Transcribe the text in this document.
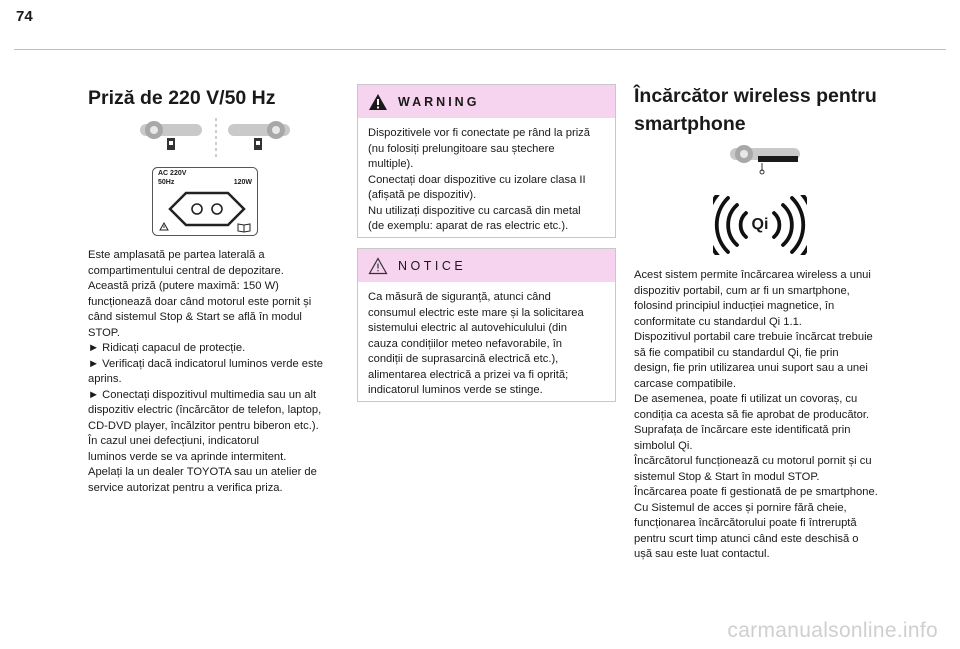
74
Priză de 220 V/50 Hz
AC 220V
50Hz	120W

Este amplasată pe partea laterală a

compartimentului central de depozitare.

Această priză (putere maximă: 150 W)

funcționează doar când motorul este pornit și

când sistemul Stop & Start se află în modul

STOP.

► Ridicați capacul de protecție.

► Verificați dacă indicatorul luminos verde este

aprins.

► Conectați dispozitivul multimedia sau un alt

dispozitiv electric (încărcător de telefon, laptop,

CD-DVD player, încălzitor pentru biberon etc.).

În cazul unei defecțiuni, indicatorul

luminos verde se va aprinde intermitent.

Apelați la un dealer TOYOTA sau un atelier de

service autorizat pentru a verifica priza.

WARNING

Dispozitivele vor fi conectate pe rând la priză

(nu folosiți prelungitoare sau ștechere

multiple).

Conectați doar dispozitive cu izolare clasa II

(afișată pe dispozitiv).

Nu utilizați dispozitive cu carcasă din metal

(de exemplu: aparat de ras electric etc.).

NOTICE

Ca măsură de siguranță, atunci când

consumul electric este mare și la solicitarea

sistemului electric al autovehiculului (din

cauza condițiilor meteo nefavorabile, în

condiții de suprasarcină electrică etc.),

alimentarea electrică a prizei va fi oprită;

indicatorul luminos verde se stinge.

Încărcător wireless pentru
smartphone
Qi

Acest sistem permite încărcarea wireless a unui

dispozitiv portabil, cum ar fi un smartphone,

folosind principiul inducției magnetice, în

conformitate cu standardul Qi 1.1.

Dispozitivul portabil care trebuie încărcat trebuie

să fie compatibil cu standardul Qi, fie prin

design, fie prin utilizarea unui suport sau a unei

carcase compatibile.

De asemenea, poate fi utilizat un covoraș, cu

condiția ca acesta să fie aprobat de producător.

Suprafața de încărcare este identificată prin

simbolul Qi.

Încărcătorul funcționează cu motorul pornit și cu

sistemul Stop & Start în modul STOP.

Încărcarea poate fi gestionată de pe smartphone.

Cu Sistemul de acces și pornire fără cheie,

funcționarea încărcătorului poate fi întreruptă

pentru scurt timp atunci când este deschisă o

ușă sau este luat contactul.

carmanualsonline.info
